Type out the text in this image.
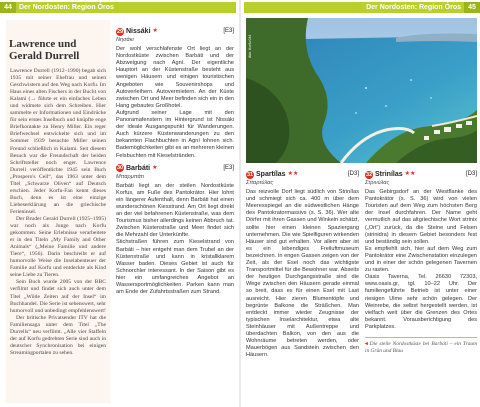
44	Der Nordosten: Region Óros
Lawrence und Gerald Durrell

Lawrence Durrell (1912–1990) begab sich 1935 mit seiner Ehefrau und seinen Geschwistern auf den Weg nach Korfu. Im Haus eines alten Fischers in der Bucht von Kalami (→ führte er ein einfaches Leben und widmete sich dem Schreiben. Hier sammelte er Informationen und Eindrücke für sein erstes Inselbuch und knüpfte enge Briefkontakte zu Henry Miller. Ein reger Briefwechsel entwickelte sich und im Sommer 1939 besuchte Miller seinen Freund schließlich in Kalami. Seit diesem Besuch war die Freundschaft der beiden Schriftsteller noch enger. Lawrence Durrell veröffentlichte 1945 sein Buch „Prospero's Cell“, das 1963 unter dem Titel „Schwarze Oliven“ auf Deutsch erschien. Jeder Korfu-Fan kennt dieses Buch, denn es ist eine einzige Liebeserklärung an die griechische Ferieninsel.

Der Bruder Gerald Durrell (1925–1995) war noch als Junge nach Korfu gekommen. Seine Erlebnisse verarbeitete er in den Titeln „My Family and Other Animals“ („Meine Familie und andere Tiere“, 1956). Darin beschreibt er auf humorvolle Weise die Inselabenteuer der Familie auf Korfu und entdeckte als Kind seine Liebe zu Tieren.

Sein Buch wurde 2005 von der BBC verfilmt und findet sich auch unter dem Titel „Wilde Zeiten auf der Insel“ im Buchhandel. Die Serie ist sehenswert, sehr humorvoll und unbedingt empfehlenswert!

Der britische Privatsender ITV hat die Familiensaga unter dem Titel „The Durrells“ neu verfilmt. „Alle vier Staffeln der auf Korfu gedrehten Serie sind auch in deutscher Synchronisation bei einigen Streamingportalen zu sehen.

29 Nissáki ★	[E3]
Νησάκι

Der wohl verschlafenste Ort liegt an der Nordostküste zwischen Barbáti und der Abzweigung nach Agní. Der eigentliche Hauptort an der Küstenstraße besteht aus wenigen Häusern und einigen touristischen Angeboten wie Souvenirshops und Autoverleihern. Autovermietern. An der Küste zwischen Ort und Meer befinden sich ein in den Hang gebautes Großhotel.

Aufgrund seiner Lage mit den Panoramafenstern im Hintergrund ist Nissáki der ideale Ausgangspunkt für Wanderungen. Auch kürzere Küstenwanderungen zu den bekannten Flachbuchten in Agní lohnen sich. Bademöglichkeiten gibt es an mehreren kleinen Felsbuchten mit Kieselstränden.

30 Barbáti ★	[E3]
Μπαρμπάτι

Barbáti liegt an der steilen Nordostküste Korfus, am Fuße des Pantokrátor. Hier lohnt ein längerer Aufenthalt, denn Barbáti hat einen wunderschönen Kiesstrand. Am Ort liegt direkt an der viel befahrenen Küstenstraße, was dem Tourismus bisher allerdings keinen Abbruch tat. Zwischen Küstenstraße und Meer findet sich die Mehrzahl der Unterkünfte.

Stichstraßen führen zum Kieselstrand von Barbáti – hier entgeht man dem Trubel an der Küstenstraße und kann in kristallklarem Wasser baden. Dieses Gebiet ist auch für Schnorchler interessant. In der Saison gibt es hier ein umfangreiches Angebot an Wassersportmöglichkeiten. Parken kann man am Ende der Zufahrtsstraßen zum Strand.

Der Nordosten: Region Óros	45
Abb. Korfu 044
31 Spartílas ★★	[D3]
Σπαρτύλας

Das reizvolle Dorf liegt südlich von Strinílas und schmiegt sich ca. 400 m über dem Meeresspiegel an die südwestlichen Hänge des Pantokratormassivs (s. S. 36). Wer alte Dörfer mit ihren Gassen und Winkeln schätzt, sollte hier einen kleinen Spaziergang unternehmen. Die wie Spielfiguren wirkenden Häuser sind gut erhalten. Vor allem aber ist es ein lebendiges Freiluftmuseum bezeichnen. In engen Gassen zeigen von der Zeit, als der Esel noch das wichtigste Transportmittel für die Bewohner war. Abseits der heutigen Durchgangsstraße sind die Wege zwischen den Häusern gerade einmal so breit, dass es für einen Esel mit Last ausreicht. Hier zieren Blumentöpfe und begrünte Balkone die Sträßchen. Man entdeckt immer wieder Zeugnisse der typischen Inselarchitektur, etwa alte Steinhäuser mit Außentreppe und überdachten Balkon, von den aus die Wohnräume betreten werden, oder Mauerbögen aus Sandstein zwischen den Häusern.

32 Strinílas ★★	[D3]
Στρινύλας

Das Gebirgsdorf an der Westflanke des Pantokrátor (s. S. 36) wird von vielen Touristen auf dem Weg zum höchsten Berg der Insel durchfahren. Der Name geht vermutlich auf das altgriechische Wort strinix („Ort“) zurück, da die Steine und Felsen (strinidra) in diesem Gebiet besonders fest und beständig sein sollen.

Es empfiehlt sich, hier auf dem Weg zum Pantokrátor eine Zwischenstation einzulegen und in einer der schön gelegenen Tavernen zu rasten.

Oasis Taverna, Tel. 26630 72303, www.oasis.gr, tgl. 10–22 Uhr. Der familiengeführte Betrieb ist unter einer riesigen Ulme sehr schön gelegen. Der Weinrebe, die selbst hergestellt werden, ist vielfach weit über die Grenzen des Ortes bekannt. Vorausberichtigung des Parkplatzes.

◂ Die steile Nordostküste bei Barbáti – ein Traum in Grün und Blau
